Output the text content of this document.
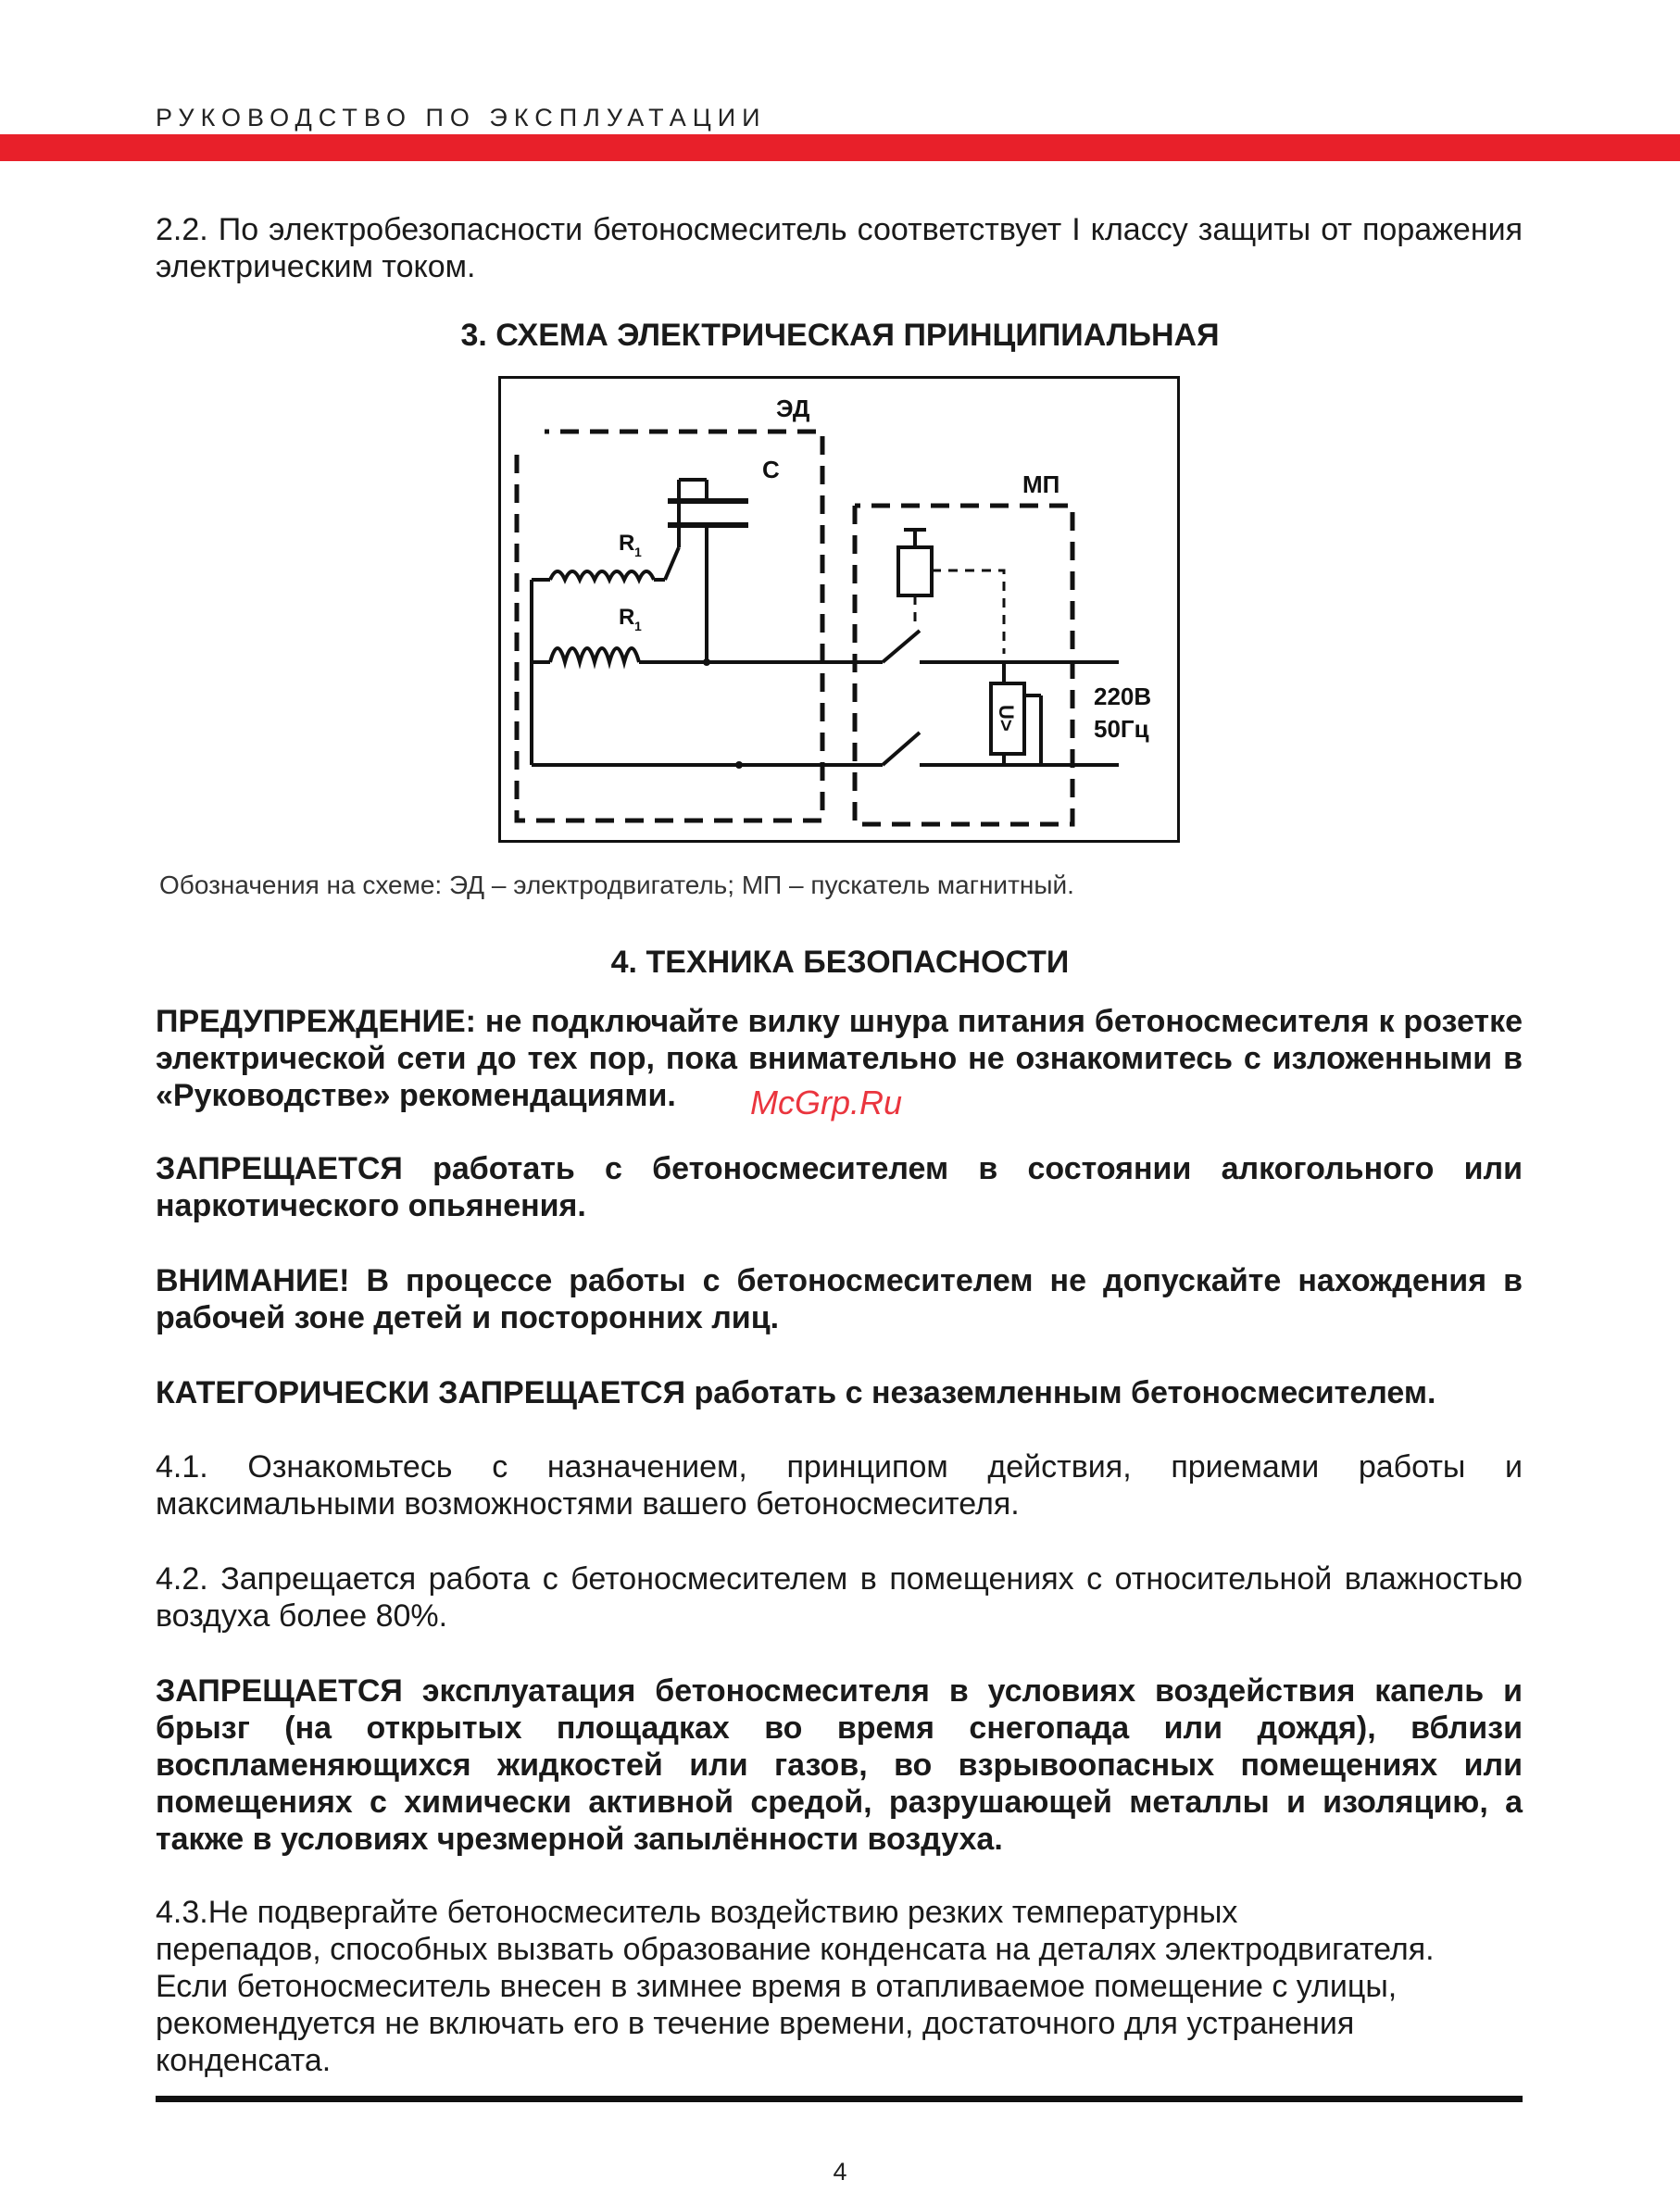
РУКОВОДСТВО ПО ЭКСПЛУАТАЦИИ

2.2. По электробезопасности бетоносмеситель соответствует I классу защиты от поражения электрическим током.

3. СХЕМА ЭЛЕКТРИЧЕСКАЯ ПРИНЦИПИАЛЬНАЯ
U>
ЭД
C
МП
R 1
R 1
220В
50Гц

Обозначения на схеме: ЭД – электродвигатель; МП – пускатель магнитный.

4. ТЕХНИКА БЕЗОПАСНОСТИ

ПРЕДУПРЕЖДЕНИЕ: не подключайте вилку шнура питания бетоносмесителя к розетке электрической сети до тех пор, пока внимательно не ознакомитесь с изложенными в «Руководстве» рекомендациями.	McGrp.Ru

ЗАПРЕЩАЕТСЯ работать с бетоносмесителем в состоянии алкогольного или наркотического опьянения.

ВНИМАНИЕ! В процессе работы с бетоносмесителем не допускайте нахождения в рабочей зоне детей и посторонних лиц.

КАТЕГОРИЧЕСКИ ЗАПРЕЩАЕТСЯ работать с незаземленным бетоносмесителем.

4.1. Ознакомьтесь с назначением, принципом действия, приемами работы и максимальными возможностями вашего бетоносмесителя.

4.2. Запрещается работа с бетоносмесителем в помещениях с относительной влажностью воздуха более 80%.

ЗАПРЕЩАЕТСЯ эксплуатация бетоносмесителя в условиях воздействия капель и брызг (на открытых площадках во время снегопада или дождя), вблизи воспламеняющихся жидкостей или газов, во взрывоопасных помещениях или помещениях с химически активной средой, разрушающей металлы и изоляцию, а также в условиях чрезмерной запылённости воздуха.

4.3.Не подвергайте бетоносмеситель воздействию резких температурных
перепадов, способных вызвать образование конденсата на деталях электродвигателя.
Если бетоносмеситель внесен в зимнее время в отапливаемое помещение с улицы,
рекомендуется не включать его в течение времени, достаточного для устранения
конденсата.
4
